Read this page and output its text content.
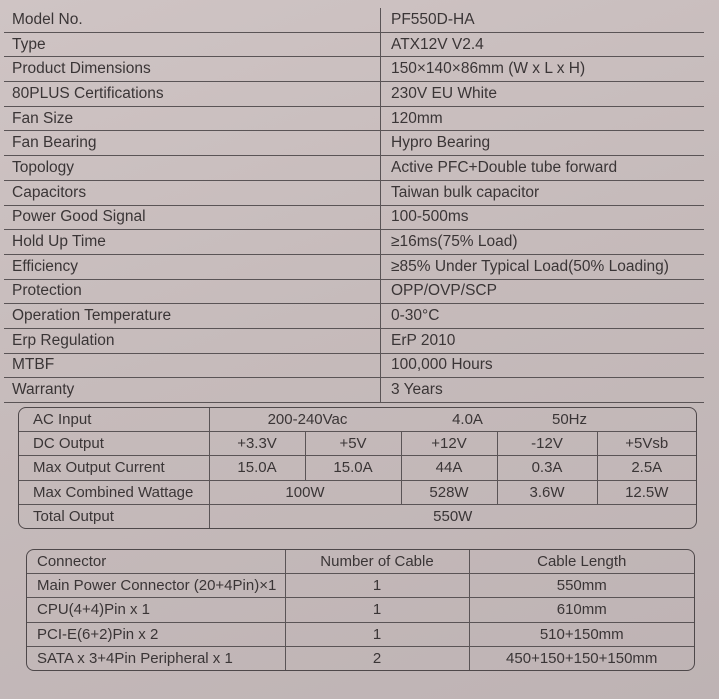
Model No.	PF550D-HA
Type	ATX12V V2.4
Product Dimensions	150×140×86mm (W x L x H)
80PLUS Certifications	230V EU White
Fan Size	120mm
Fan Bearing	Hypro Bearing
Topology	Active PFC+Double tube forward
Capacitors	Taiwan bulk capacitor
Power Good Signal	100-500ms
Hold Up Time	≥16ms(75% Load)
Efficiency	≥85% Under Typical Load(50% Loading)
Protection	OPP/OVP/SCP
Operation Temperature	0-30°C
Erp Regulation	ErP 2010
MTBF	100,000 Hours
Warranty	3 Years
AC Input	200-240Vac 4.0A 50Hz				
DC Output	+3.3V	+5V	+12V	-12V	+5Vsb
Max Output Current	15.0A	15.0A	44A	0.3A	2.5A
Max Combined Wattage	100W		528W	3.6W	12.5W
Total Output	550W				
Connector	Number of Cable	Cable Length
Main Power Connector (20+4Pin)×1	1	550mm
CPU(4+4)Pin x 1	1	610mm
PCI-E(6+2)Pin x 2	1	510+150mm
SATA x 3+4Pin Peripheral x 1	2	450+150+150+150mm
